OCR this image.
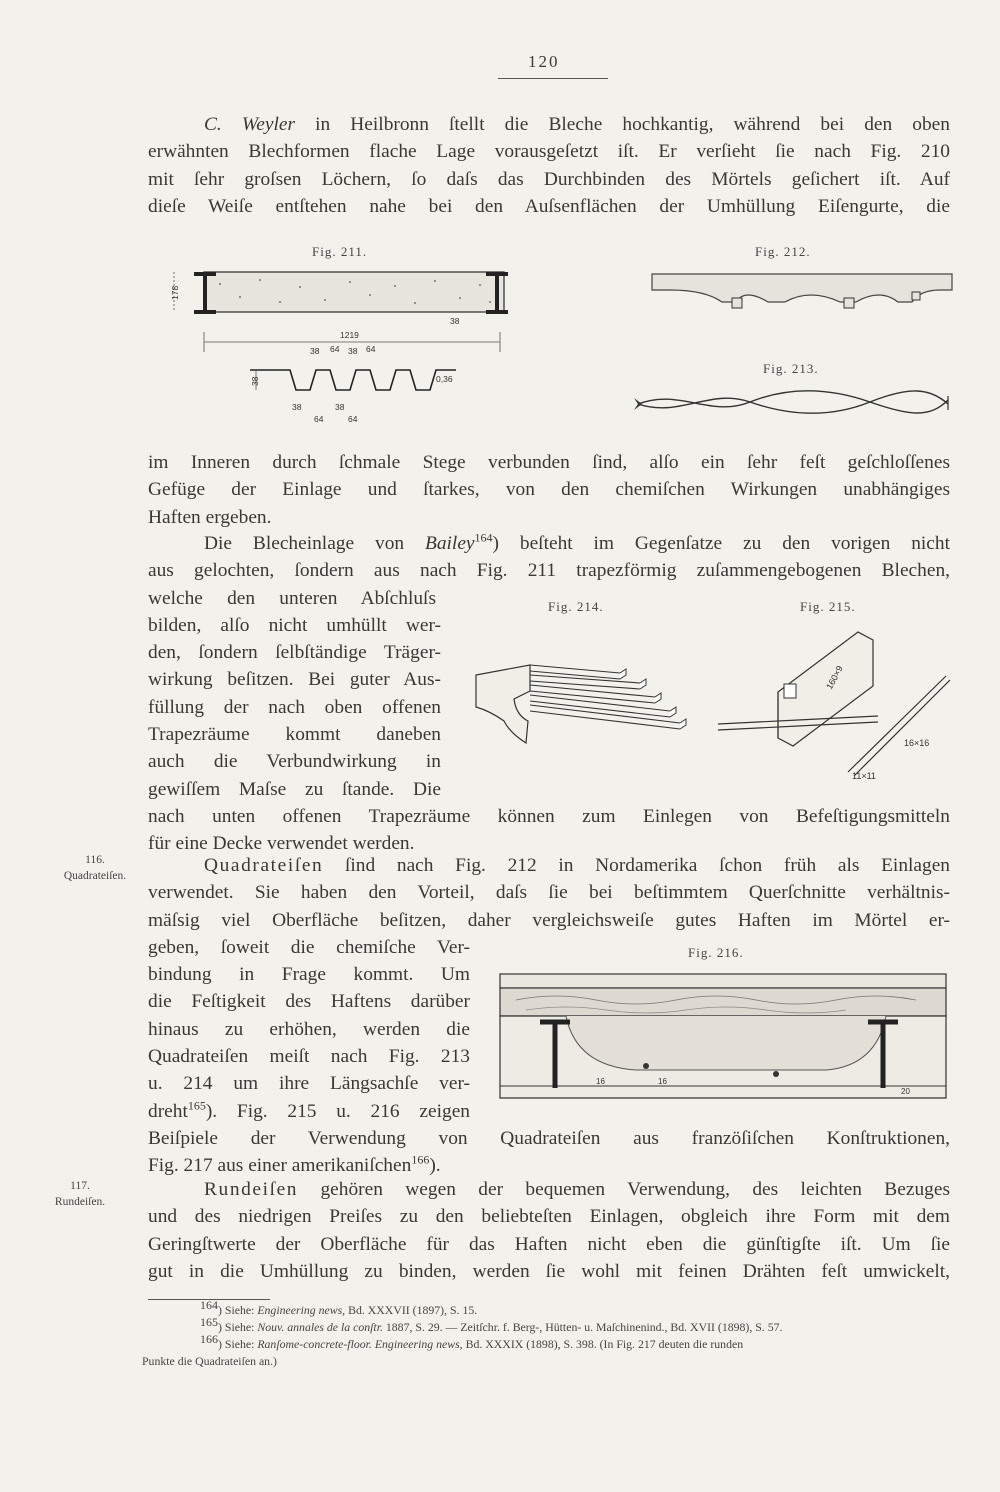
120
C. Weyler in Heilbronn ſtellt die Bleche hochkantig, während bei den oben
erwähnten Blechformen flache Lage vorausgeſetzt iſt. Er verſieht ſie nach Fig. 210
mit ſehr groſsen Löchern, ſo daſs das Durchbinden des Mörtels geſichert iſt. Auf
dieſe Weiſe entſtehen nahe bei den Auſsenflächen der Umhüllung Eiſengurte, die
Fig. 211.
178
38
1219
38 64 38 64
38	0,36
38	38
64	64
Fig. 212.
Fig. 213.
im Inneren durch ſchmale Stege verbunden ſind, alſo ein ſehr feſt geſchloſſenes
Gefüge der Einlage und ſtarkes, von den chemiſchen Wirkungen unabhängiges
Haften ergeben.
Die Blecheinlage von Bailey$^{164}$) beſteht im Gegenſatze zu den vorigen nicht
aus gelochten, ſondern aus nach Fig. 211 trapezförmig zuſammengebogenen Blechen,
welche den unteren Abſchluſs
bilden, alſo nicht umhüllt wer-
den, ſondern ſelbſtändige Träger-
wirkung beſitzen. Bei guter Aus-
füllung der nach oben offenen
Trapezräume kommt daneben
auch die Verbundwirkung in
gewiſſem Maſse zu ſtande. Die
nach unten offenen Trapezräume können zum Einlegen von Befeſtigungsmitteln
für eine Decke verwendet werden.
Fig. 214.	Fig. 215.
160×9
16×16
11×11
116.
Quadrateiſen.	Quadrateiſen ſind nach Fig. 212 in Nordamerika ſchon früh als Einlagen
verwendet. Sie haben den Vorteil, daſs ſie bei beſtimmtem Querſchnitte verhältnis-
mäſsig viel Oberfläche beſitzen, daher vergleichsweiſe gutes Haften im Mörtel er-
geben, ſoweit die chemiſche Ver-
bindung in Frage kommt. Um
die Feſtigkeit des Haftens darüber
hinaus zu erhöhen, werden die
Quadrateiſen meiſt nach Fig. 213
u. 214 um ihre Längsachſe ver-
dreht$^{165}$). Fig. 215 u. 216 zeigen
Beiſpiele der Verwendung von Quadrateiſen aus franzöſiſchen Konſtruktionen,
Fig. 217 aus einer amerikaniſchen$^{166}$).
Fig. 216.
16	16
20
117.
Rundeiſen.
Rundeiſen gehören wegen der bequemen Verwendung, des leichten Bezuges
und des niedrigen Preiſes zu den beliebteſten Einlagen, obgleich ihre Form mit dem
Geringſtwerte der Oberfläche für das Haften nicht eben die günſtigſte iſt. Um ſie
gut in die Umhüllung zu binden, werden ſie wohl mit feinen Drähten feſt umwickelt,
$^{164}$) Siehe: Engineering news, Bd. XXXVII (1897), S. 15.
$^{165}$) Siehe: Nouv. annales de la conſtr. 1887, S. 29. — Zeitſchr. f. Berg-, Hütten- u. Maſchinenind., Bd. XVII (1898), S. 57.
$^{166}$) Siehe: Ranſome-concrete-floor. Engineering news, Bd. XXXIX (1898), S. 398. (In Fig. 217 deuten die runden
Punkte die Quadrateiſen an.)
